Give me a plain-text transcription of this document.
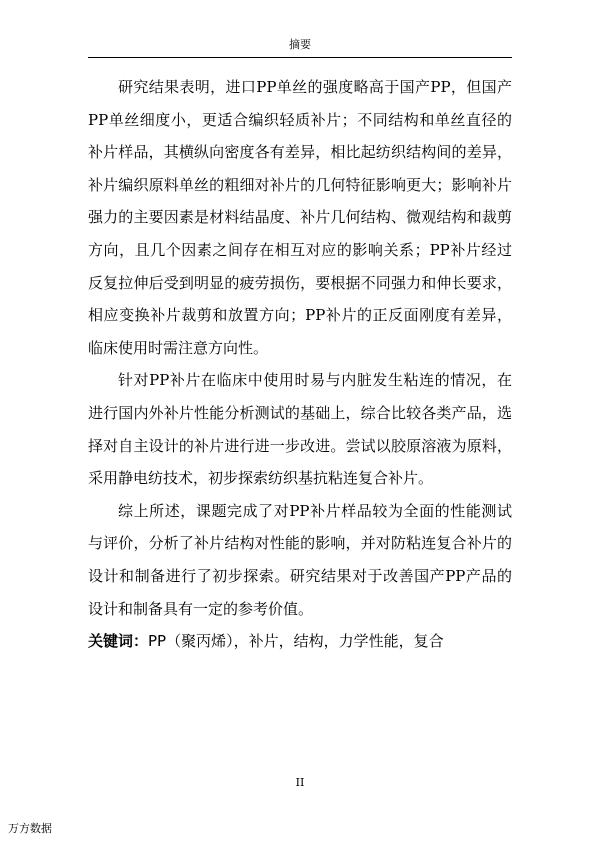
摘要

研究结果表明，进口PP单丝的强度略高于国产PP，但国产PP单丝细度小，更适合编织轻质补片；不同结构和单丝直径的补片样品，其横纵向密度各有差异，相比起纺织结构间的差异，补片编织原料单丝的粗细对补片的几何特征影响更大；影响补片强力的主要因素是材料结晶度、补片几何结构、微观结构和裁剪方向，且几个因素之间存在相互对应的影响关系；PP补片经过反复拉伸后受到明显的疲劳损伤，要根据不同强力和伸长要求，相应变换补片裁剪和放置方向；PP补片的正反面刚度有差异，临床使用时需注意方向性。

针对PP补片在临床中使用时易与内脏发生粘连的情况，在进行国内外补片性能分析测试的基础上，综合比较各类产品，选择对自主设计的补片进行进一步改进。尝试以胶原溶液为原料，采用静电纺技术，初步探索纺织基抗粘连复合补片。

综上所述，课题完成了对PP补片样品较为全面的性能测试与评价，分析了补片结构对性能的影响，并对防粘连复合补片的设计和制备进行了初步探索。研究结果对于改善国产PP产品的设计和制备具有一定的参考价值。

关键词：PP（聚丙烯），补片，结构，力学性能，复合

II
万方数据
